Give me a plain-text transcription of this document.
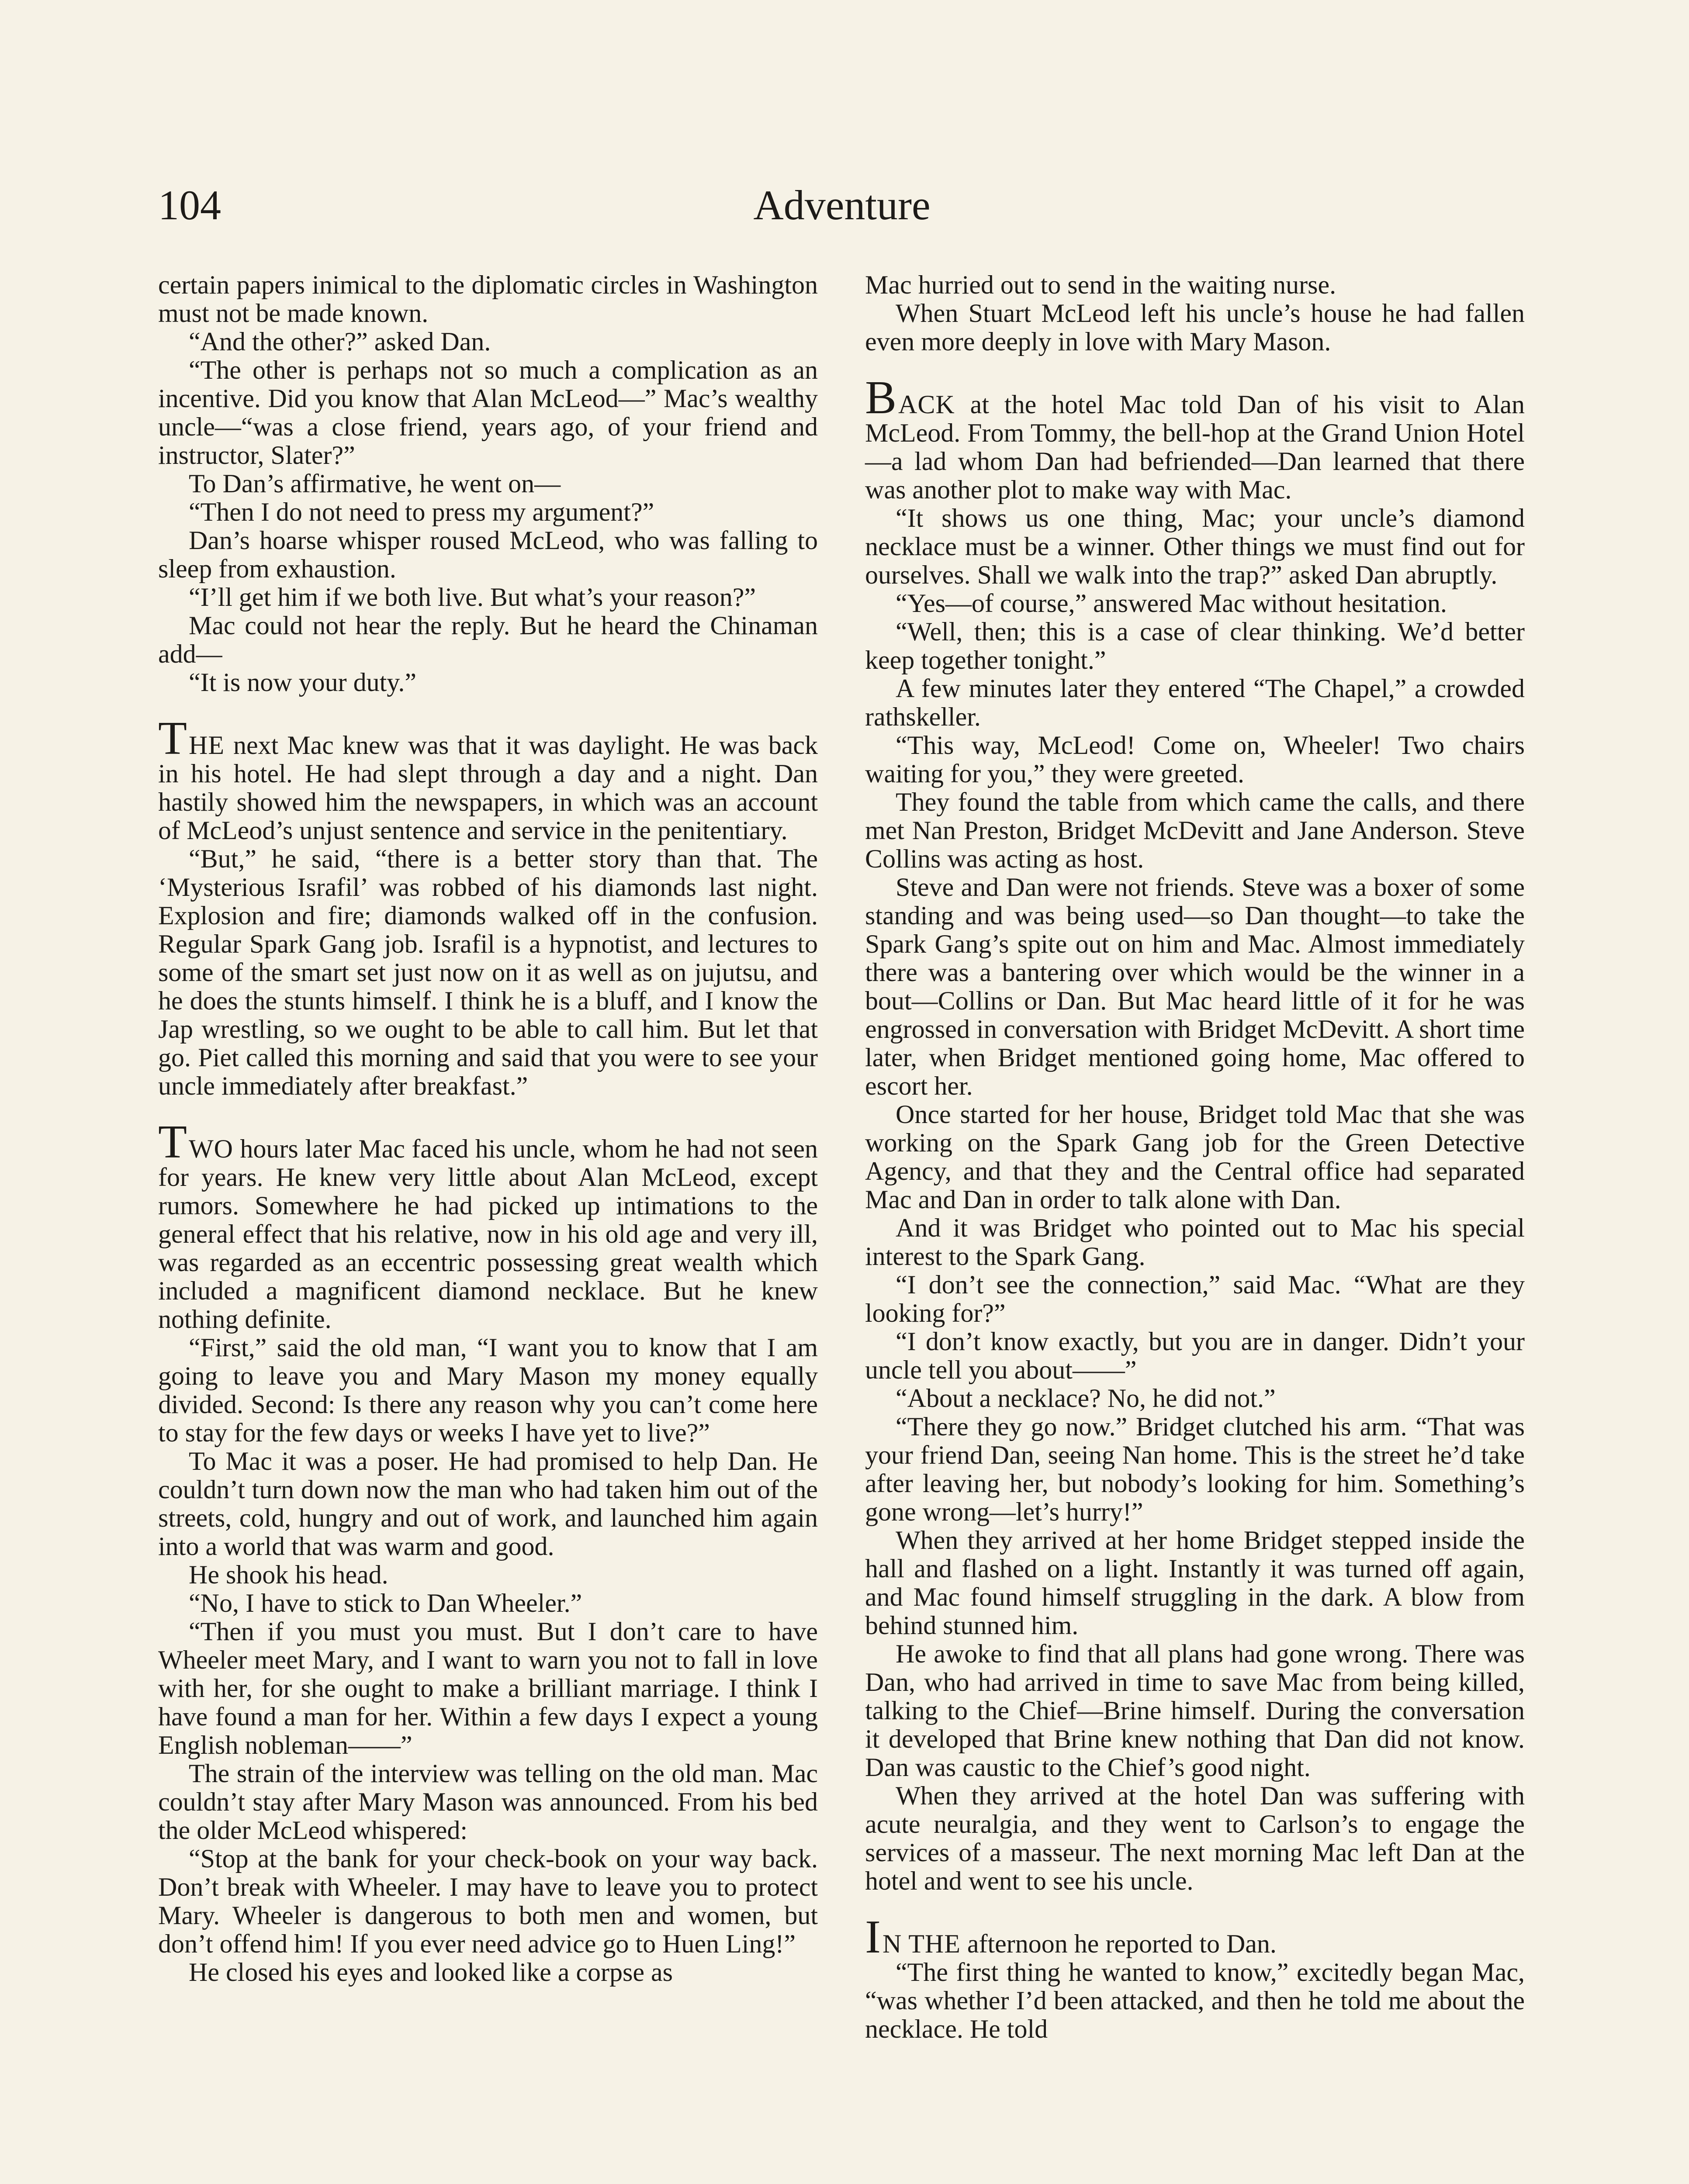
104	Adventure

certain papers inimical to the diplomatic circles in Washington must not be made known.

“And the other?” asked Dan.

“The other is perhaps not so much a complication as an incentive. Did you know that Alan McLeod—” Mac’s wealthy uncle—“was a close friend, years ago, of your friend and instructor, Slater?”

To Dan’s affirmative, he went on—

“Then I do not need to press my argument?”

Dan’s hoarse whisper roused McLeod, who was falling to sleep from exhaustion.

“I’ll get him if we both live. But what’s your reason?”

Mac could not hear the reply. But he heard the Chinaman add—

“It is now your duty.”

THE next Mac knew was that it was daylight. He was back in his hotel. He had slept through a day and a night. Dan hastily showed him the newspapers, in which was an account of McLeod’s unjust sentence and service in the penitentiary.

“But,” he said, “there is a better story than that. The ‘Mysterious Israfil’ was robbed of his diamonds last night. Explosion and fire; diamonds walked off in the confusion. Regular Spark Gang job. Israfil is a hypnotist, and lectures to some of the smart set just now on it as well as on jujutsu, and he does the stunts himself. I think he is a bluff, and I know the Jap wrestling, so we ought to be able to call him. But let that go. Piet called this morning and said that you were to see your uncle immediately after breakfast.”

TWO hours later Mac faced his uncle, whom he had not seen for years. He knew very little about Alan McLeod, except rumors. Somewhere he had picked up intimations to the general effect that his relative, now in his old age and very ill, was regarded as an eccentric possessing great wealth which included a magnificent diamond necklace. But he knew nothing definite.

“First,” said the old man, “I want you to know that I am going to leave you and Mary Mason my money equally divided. Second: Is there any reason why you can’t come here to stay for the few days or weeks I have yet to live?”

To Mac it was a poser. He had promised to help Dan. He couldn’t turn down now the man who had taken him out of the streets, cold, hungry and out of work, and launched him again into a world that was warm and good.

He shook his head.

“No, I have to stick to Dan Wheeler.”

“Then if you must you must. But I don’t care to have Wheeler meet Mary, and I want to warn you not to fall in love with her, for she ought to make a brilliant marriage. I think I have found a man for her. Within a few days I expect a young English nobleman——”

The strain of the interview was telling on the old man. Mac couldn’t stay after Mary Mason was announced. From his bed the older McLeod whispered:

“Stop at the bank for your check-book on your way back. Don’t break with Wheeler. I may have to leave you to protect Mary. Wheeler is dangerous to both men and women, but don’t offend him! If you ever need advice go to Huen Ling!”

He closed his eyes and looked like a corpse as

Mac hurried out to send in the waiting nurse.

When Stuart McLeod left his uncle’s house he had fallen even more deeply in love with Mary Mason.

BACK at the hotel Mac told Dan of his visit to Alan McLeod. From Tommy, the bell-hop at the Grand Union Hotel—a lad whom Dan had befriended—Dan learned that there was another plot to make way with Mac.

“It shows us one thing, Mac; your uncle’s diamond necklace must be a winner. Other things we must find out for ourselves. Shall we walk into the trap?” asked Dan abruptly.

“Yes—of course,” answered Mac without hesitation.

“Well, then; this is a case of clear thinking. We’d better keep together tonight.”

A few minutes later they entered “The Chapel,” a crowded rathskeller.

“This way, McLeod! Come on, Wheeler! Two chairs waiting for you,” they were greeted.

They found the table from which came the calls, and there met Nan Preston, Bridget McDevitt and Jane Anderson. Steve Collins was acting as host.

Steve and Dan were not friends. Steve was a boxer of some standing and was being used—so Dan thought—to take the Spark Gang’s spite out on him and Mac. Almost immediately there was a bantering over which would be the winner in a bout—Collins or Dan. But Mac heard little of it for he was engrossed in conversation with Bridget McDevitt. A short time later, when Bridget mentioned going home, Mac offered to escort her.

Once started for her house, Bridget told Mac that she was working on the Spark Gang job for the Green Detective Agency, and that they and the Central office had separated Mac and Dan in order to talk alone with Dan.

And it was Bridget who pointed out to Mac his special interest to the Spark Gang.

“I don’t see the connection,” said Mac. “What are they looking for?”

“I don’t know exactly, but you are in danger. Didn’t your uncle tell you about——”

“About a necklace? No, he did not.”

“There they go now.” Bridget clutched his arm. “That was your friend Dan, seeing Nan home. This is the street he’d take after leaving her, but nobody’s looking for him. Something’s gone wrong—let’s hurry!”

When they arrived at her home Bridget stepped inside the hall and flashed on a light. Instantly it was turned off again, and Mac found himself struggling in the dark. A blow from behind stunned him.

He awoke to find that all plans had gone wrong. There was Dan, who had arrived in time to save Mac from being killed, talking to the Chief—Brine himself. During the conversation it developed that Brine knew nothing that Dan did not know. Dan was caustic to the Chief’s good night.

When they arrived at the hotel Dan was suffering with acute neuralgia, and they went to Carlson’s to engage the services of a masseur. The next morning Mac left Dan at the hotel and went to see his uncle.

IN THE afternoon he reported to Dan.

“The first thing he wanted to know,” excitedly began Mac, “was whether I’d been attacked, and then he told me about the necklace. He told
